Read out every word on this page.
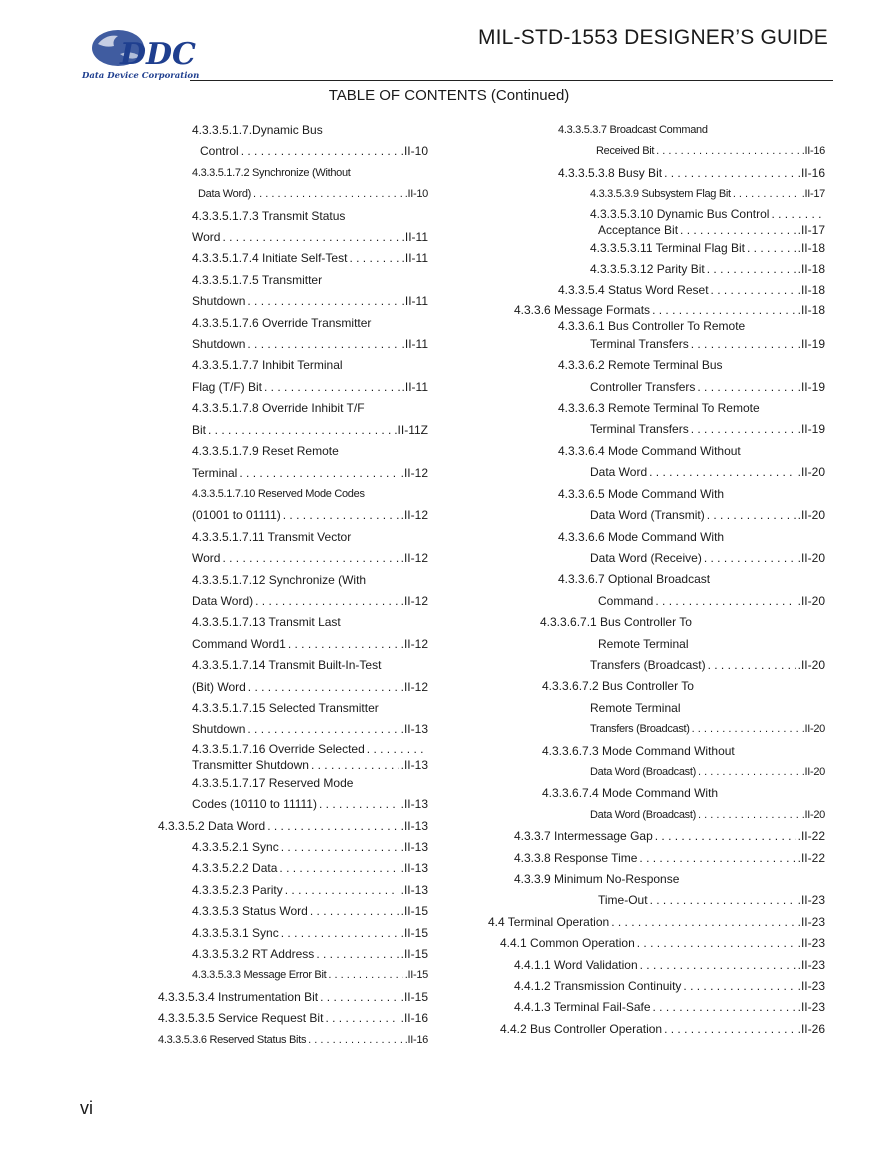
DDC
Data Device Corporation
MIL-STD-1553 DESIGNER’S GUIDE
TABLE OF CONTENTS (Continued)
4.3.3.5.1.7.Dynamic Bus
Control . . .	.II-10
4.3.3.5.1.7.2 Synchronize (Without
Data Word) . . .	.II-10
4.3.3.5.1.7.3 Transmit Status
Word . . .	.II-11
4.3.3.5.1.7.4 Initiate Self-Test . . .	.II-11
4.3.3.5.1.7.5 Transmitter
Shutdown . . .	.II-11
4.3.3.5.1.7.6 Override Transmitter
Shutdown . . .	.II-11
4.3.3.5.1.7.7 Inhibit Terminal
Flag (T/F) Bit . . .	.II-11
4.3.3.5.1.7.8 Override Inhibit T/F
Bit . . .	.II-11Z
4.3.3.5.1.7.9 Reset Remote
Terminal . . .	.II-12
4.3.3.5.1.7.10 Reserved Mode Codes
(01001 to 01111) . . .	.II-12
4.3.3.5.1.7.11 Transmit Vector
Word . . .	.II-12
4.3.3.5.1.7.12 Synchronize (With
Data Word) . . .	.II-12
4.3.3.5.1.7.13 Transmit Last
Command Word1 . . .	.II-12
4.3.3.5.1.7.14 Transmit Built-In-Test
(Bit) Word . . .	.II-12
4.3.3.5.1.7.15 Selected Transmitter
Shutdown . . .	.II-13
4.3.3.5.1.7.16 Override Selected
. . .
Transmitter Shutdown . . .	.II-13
4.3.3.5.1.7.17 Reserved Mode
Codes (10110 to 11111) . . .	.II-13
4.3.3.5.2 Data Word . . .	.II-13
4.3.3.5.2.1 Sync . . .	.II-13
4.3.3.5.2.2 Data . . .	.II-13
4.3.3.5.2.3 Parity . . .	.II-13
4.3.3.5.3 Status Word . . .	.II-15
4.3.3.5.3.1 Sync . . .	.II-15
4.3.3.5.3.2 RT Address . . .	.II-15
4.3.3.5.3.3 Message Error Bit . . .	.II-15
4.3.3.5.3.4 Instrumentation Bit . . .	.II-15
4.3.3.5.3.5 Service Request Bit . . .	.II-16
4.3.3.5.3.6 Reserved Status Bits . . .	.II-16
4.3.3.5.3.7 Broadcast Command
Received Bit . . .	.II-16
4.3.3.5.3.8 Busy Bit . . .	.II-16
4.3.3.5.3.9 Subsystem Flag Bit . . .	.II-17
4.3.3.5.3.10 Dynamic Bus Control
. . .
Acceptance Bit . . .	.II-17
4.3.3.5.3.11 Terminal Flag Bit . . .	.II-18
4.3.3.5.3.12 Parity Bit . . .	.II-18
4.3.3.5.4 Status Word Reset . . .	.II-18
4.3.3.6 Message Formats . . .	.II-18
4.3.3.6.1 Bus Controller To Remote
Terminal Transfers . . .	.II-19
4.3.3.6.2 Remote Terminal Bus
Controller Transfers . . .	.II-19
4.3.3.6.3 Remote Terminal To Remote
Terminal Transfers . . .	.II-19
4.3.3.6.4 Mode Command Without
Data Word . . .	.II-20
4.3.3.6.5 Mode Command With
Data Word (Transmit) . . .	.II-20
4.3.3.6.6 Mode Command With
Data Word (Receive) . . .	.II-20
4.3.3.6.7 Optional Broadcast
Command . . .	.II-20
4.3.3.6.7.1 Bus Controller To
Remote Terminal
Transfers (Broadcast) . . .	.II-20
4.3.3.6.7.2 Bus Controller To
Remote Terminal
Transfers (Broadcast) . . .	.II-20
4.3.3.6.7.3 Mode Command Without
Data Word (Broadcast) . . .	.II-20
4.3.3.6.7.4 Mode Command With
Data Word (Broadcast) . . .	.II-20
4.3.3.7 Intermessage Gap . . .	.II-22
4.3.3.8 Response Time . . .	.II-22
4.3.3.9 Minimum No-Response
Time-Out . . .	.II-23
4.4 Terminal Operation . . .	.II-23
4.4.1 Common Operation . . .	.II-23
4.4.1.1 Word Validation . . .	.II-23
4.4.1.2 Transmission Continuity . . .	.II-23
4.4.1.3 Terminal Fail-Safe . . .	.II-23
4.4.2 Bus Controller Operation . . .	.II-26
vi
